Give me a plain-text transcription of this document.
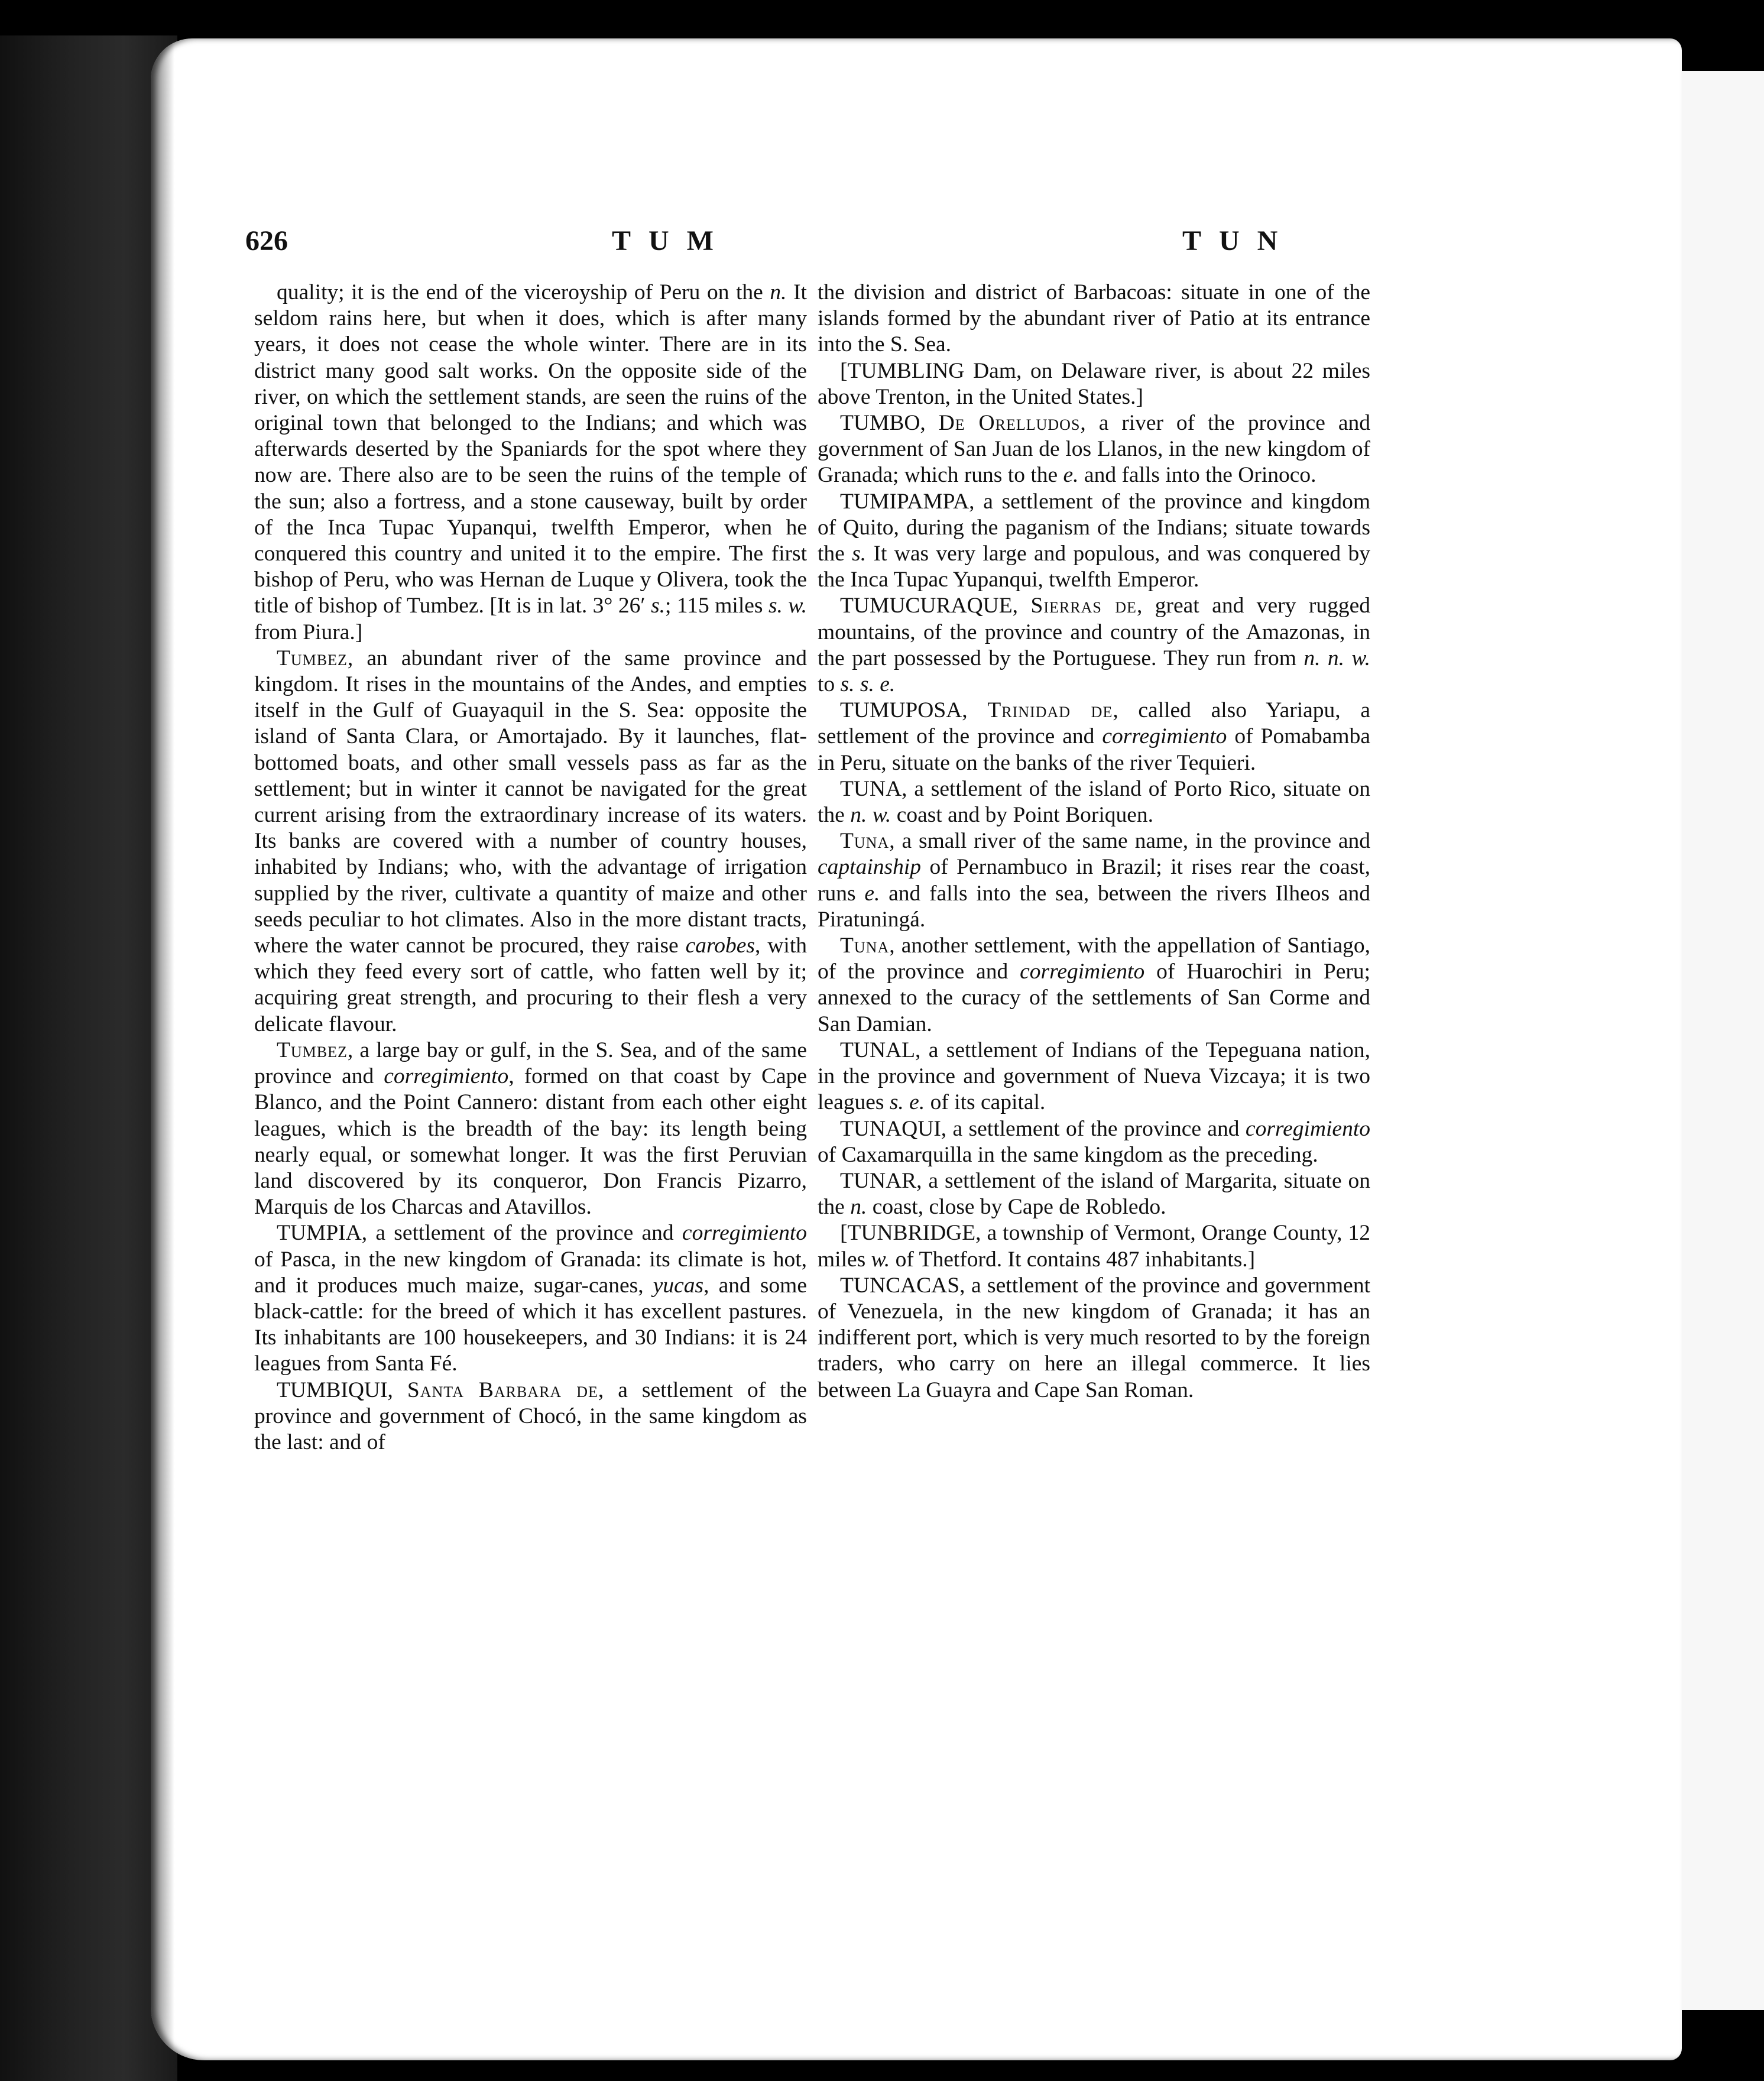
626	TUM	TUN

quality; it is the end of the viceroyship of Peru on the n. It seldom rains here, but when it does, which is after many years, it does not cease the whole winter. There are in its district many good salt works. On the opposite side of the river, on which the settlement stands, are seen the ruins of the original town that belonged to the Indians; and which was afterwards deserted by the Spaniards for the spot where they now are. There also are to be seen the ruins of the temple of the sun; also a fortress, and a stone causeway, built by order of the Inca Tupac Yupanqui, twelfth Emperor, when he conquered this country and united it to the empire. The first bishop of Peru, who was Hernan de Luque y Olivera, took the title of bishop of Tumbez. [It is in lat. 3° 26′ s.; 115 miles s. w. from Piura.]

Tumbez, an abundant river of the same province and kingdom. It rises in the mountains of the Andes, and empties itself in the Gulf of Guayaquil in the S. Sea: opposite the island of Santa Clara, or Amortajado. By it launches, flat-bottomed boats, and other small vessels pass as far as the settlement; but in winter it cannot be navigated for the great current arising from the extraordinary increase of its waters. Its banks are covered with a number of country houses, inhabited by Indians; who, with the advantage of irrigation supplied by the river, cultivate a quantity of maize and other seeds peculiar to hot climates. Also in the more distant tracts, where the water cannot be procured, they raise carobes, with which they feed every sort of cattle, who fatten well by it; acquiring great strength, and procuring to their flesh a very delicate flavour.

Tumbez, a large bay or gulf, in the S. Sea, and of the same province and corregimiento, formed on that coast by Cape Blanco, and the Point Cannero: distant from each other eight leagues, which is the breadth of the bay: its length being nearly equal, or somewhat longer. It was the first Peruvian land discovered by its conqueror, Don Francis Pizarro, Marquis de los Charcas and Atavillos.

TUMPIA, a settlement of the province and corregimiento of Pasca, in the new kingdom of Granada: its climate is hot, and it produces much maize, sugar-canes, yucas, and some black-cattle: for the breed of which it has excellent pastures. Its inhabitants are 100 housekeepers, and 30 Indians: it is 24 leagues from Santa Fé.

TUMBIQUI, Santa Barbara de, a settlement of the province and government of Chocó, in the same kingdom as the last: and of

the division and district of Barbacoas: situate in one of the islands formed by the abundant river of Patio at its entrance into the S. Sea.

[TUMBLING Dam, on Delaware river, is about 22 miles above Trenton, in the United States.]

TUMBO, De Orelludos, a river of the province and government of San Juan de los Llanos, in the new kingdom of Granada; which runs to the e. and falls into the Orinoco.

TUMIPAMPA, a settlement of the province and kingdom of Quito, during the paganism of the Indians; situate towards the s. It was very large and populous, and was conquered by the Inca Tupac Yupanqui, twelfth Emperor.

TUMUCURAQUE, Sierras de, great and very rugged mountains, of the province and country of the Amazonas, in the part possessed by the Portuguese. They run from n. n. w. to s. s. e.

TUMUPOSA, Trinidad de, called also Yariapu, a settlement of the province and corregimiento of Pomabamba in Peru, situate on the banks of the river Tequieri.

TUNA, a settlement of the island of Porto Rico, situate on the n. w. coast and by Point Boriquen.

Tuna, a small river of the same name, in the province and captainship of Pernambuco in Brazil; it rises rear the coast, runs e. and falls into the sea, between the rivers Ilheos and Piratuningá.

Tuna, another settlement, with the appellation of Santiago, of the province and corregimiento of Huarochiri in Peru; annexed to the curacy of the settlements of San Corme and San Damian.

TUNAL, a settlement of Indians of the Tepeguana nation, in the province and government of Nueva Vizcaya; it is two leagues s. e. of its capital.

TUNAQUI, a settlement of the province and corregimiento of Caxamarquilla in the same kingdom as the preceding.

TUNAR, a settlement of the island of Margarita, situate on the n. coast, close by Cape de Robledo.

[TUNBRIDGE, a township of Vermont, Orange County, 12 miles w. of Thetford. It contains 487 inhabitants.]

TUNCACAS, a settlement of the province and government of Venezuela, in the new kingdom of Granada; it has an indifferent port, which is very much resorted to by the foreign traders, who carry on here an illegal commerce. It lies between La Guayra and Cape San Roman.
